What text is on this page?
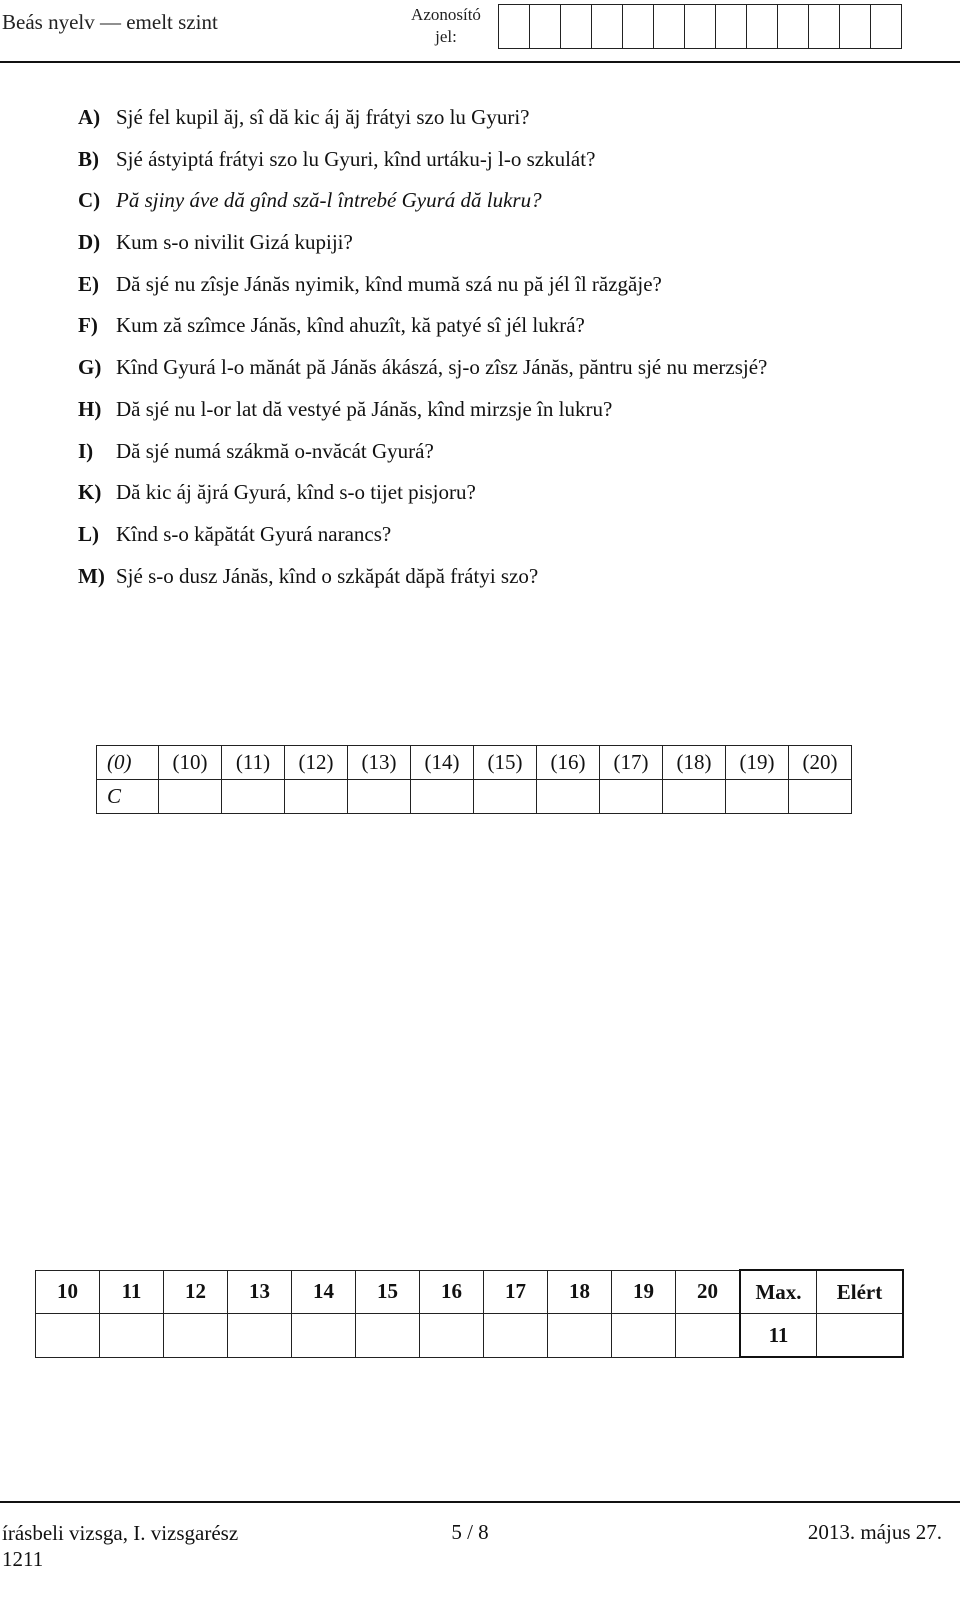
Beás nyelv — emelt szint	Azonosító
jel:
A) Sjé fel kupil ăj, sî dă kic áj ăj frátyi szo lu Gyuri?
B) Sjé ástyiptá frátyi szo lu Gyuri, kînd urtáku-j l-o szkulát?
C) Pă sjiny áve dă gînd sză-l întrebé Gyurá dă lukru?
D) Kum s-o nivilit Gizá kupiji?
E) Dă sjé nu zîsje Jánăs nyimik, kînd mumă szá nu pă jél îl răzgăje?
F) Kum ză szîmce Jánăs, kînd ahuzît, kă patyé sî jél lukrá?
G) Kînd Gyurá l-o mănát pă Jánăs ákászá, sj-o zîsz Jánăs, păntru sjé nu merzsjé?
H) Dă sjé nu l-or lat dă vestyé pă Jánăs, kînd mirzsje în lukru?
I)	Dă sjé numá szákmă o-nvăcát Gyurá?
K) Dă kic áj ăjrá Gyurá, kînd s-o tijet pisjoru?
L) Kînd s-o kăpătát Gyurá narancs?
M) Sjé s-o dusz Jánăs, kînd o szkăpát dăpă frátyi szo?
(0)	(10)	(11)	(12)	(13)	(14)	(15)	(16)	(17)	(18)	(19)	(20)
C											
10	11	12	13	14	15	16	17	18	19	20	Max.	Elért
											11	
írásbeli vizsga, I. vizsgarész
1211
5 / 8	2013. május 27.
